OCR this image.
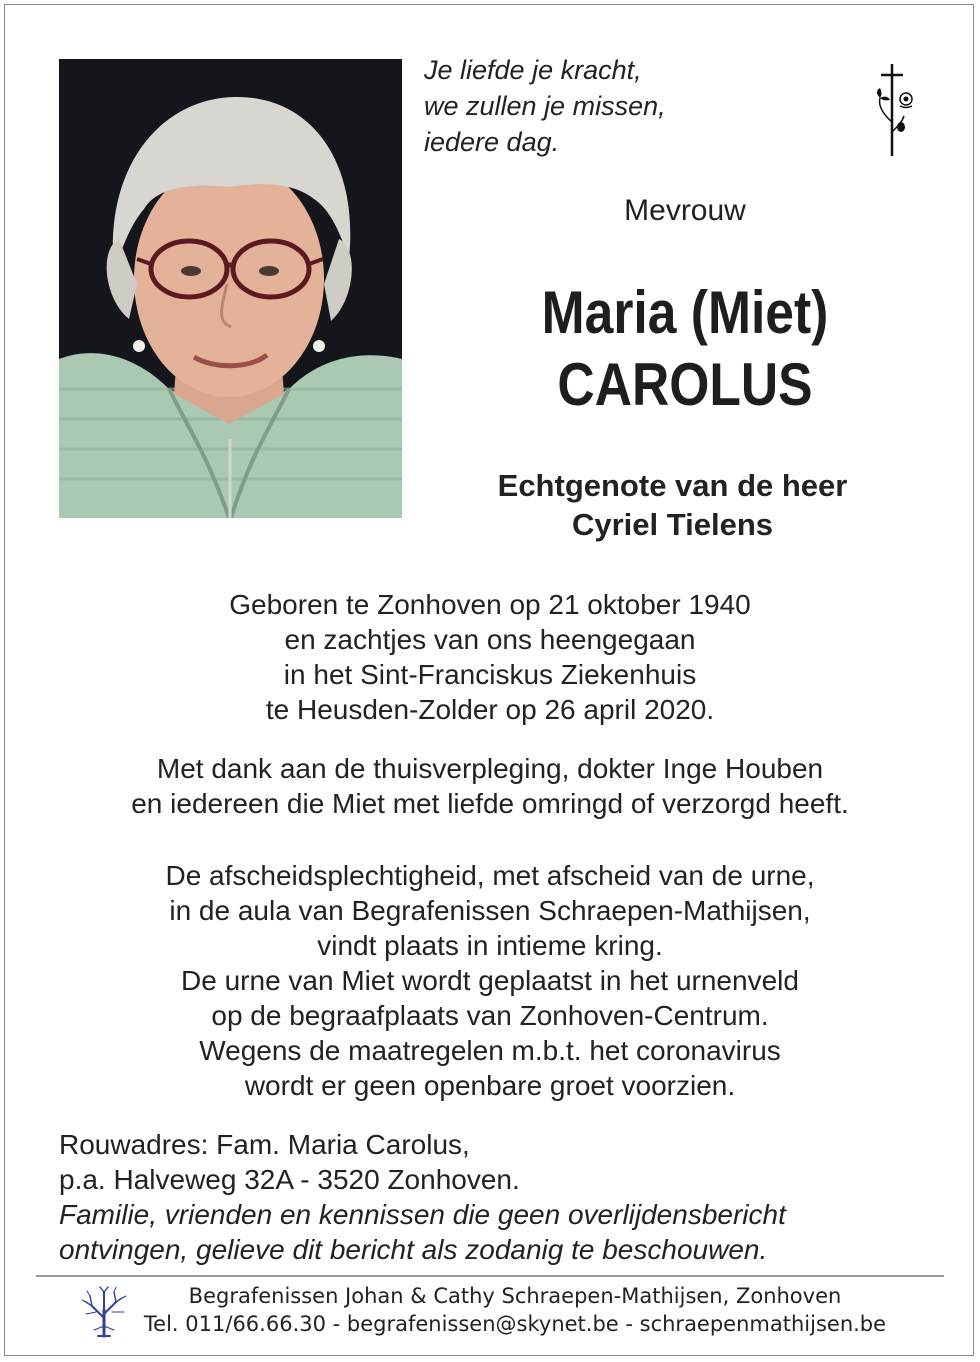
Je liefde je kracht,
we zullen je missen,
iedere dag.
Mevrouw
Maria (Miet)
CAROLUS
Echtgenote van de heer
Cyriel Tielens
Geboren te Zonhoven op 21 oktober 1940
en zachtjes van ons heengegaan
in het Sint-Franciskus Ziekenhuis
te Heusden-Zolder op 26 april 2020.
Met dank aan de thuisverpleging, dokter Inge Houben
en iedereen die Miet met liefde omringd of verzorgd heeft.
De afscheidsplechtigheid, met afscheid van de urne,
in de aula van Begrafenissen Schraepen-Mathijsen,
vindt plaats in intieme kring.
De urne van Miet wordt geplaatst in het urnenveld
op de begraafplaats van Zonhoven-Centrum.
Wegens de maatregelen m.b.t. het coronavirus
wordt er geen openbare groet voorzien.
Rouwadres: Fam. Maria Carolus,
p.a. Halveweg 32A - 3520 Zonhoven.
Familie, vrienden en kennissen die geen overlijdensbericht
ontvingen, gelieve dit bericht als zodanig te beschouwen.
Begrafenissen Johan & Cathy Schraepen-Mathijsen, Zonhoven
Tel. 011/66.66.30 - begrafenissen@skynet.be - schraepenmathijsen.be
